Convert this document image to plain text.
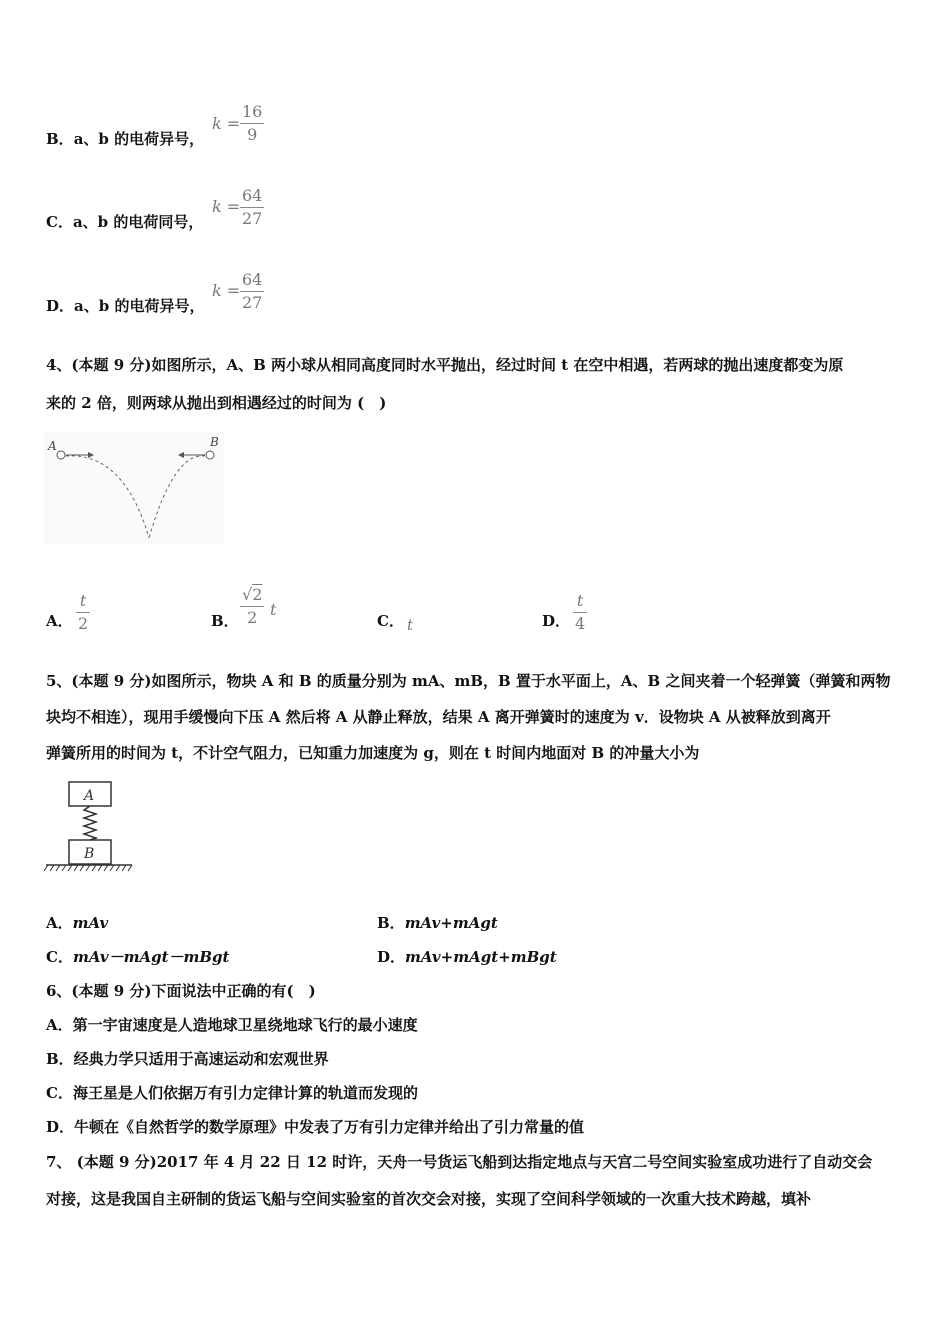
B．a、b 的电荷异号，
k =
16
9
C．a、b 的电荷同号，
k =
64
27
D．a、b 的电荷异号，
k =
64
27
4、(本题 9 分)如图所示，A、B 两小球从相同高度同时水平抛出，经过时间 t 在空中相遇，若两球的抛出速度都变为原
来的 2 倍，则两球从抛出到相遇经过的时间为 (　)
A	B
A．
t
2	B．
√2
2 t
C． t	D．
t
4
5、(本题 9 分)如图所示，物块 A 和 B 的质量分别为 mA、mB，B 置于水平面上，A、B 之间夹着一个轻弹簧（弹簧和两物
块均不相连），现用手缓慢向下压 A 然后将 A 从静止释放，结果 A 离开弹簧时的速度为 v．设物块 A 从被释放到离开
弹簧所用的时间为 t，不计空气阻力，已知重力加速度为 g，则在 t 时间内地面对 B 的冲量大小为
A
B
A．mAv	B．mAv+mAgt
C．mAv－mAgt－mBgt	D．mAv+mAgt+mBgt
6、(本题 9 分)下面说法中正确的有(　)
A．第一宇宙速度是人造地球卫星绕地球飞行的最小速度
B．经典力学只适用于高速运动和宏观世界
C．海王星是人们依据万有引力定律计算的轨道而发现的
D．牛顿在《自然哲学的数学原理》中发表了万有引力定律并给出了引力常量的值
7、 (本题 9 分)2017 年 4 月 22 日 12 时许，天舟一号货运飞船到达指定地点与天宫二号空间实验室成功进行了自动交会
对接，这是我国自主研制的货运飞船与空间实验室的首次交会对接，实现了空间科学领域的一次重大技术跨越，填补
